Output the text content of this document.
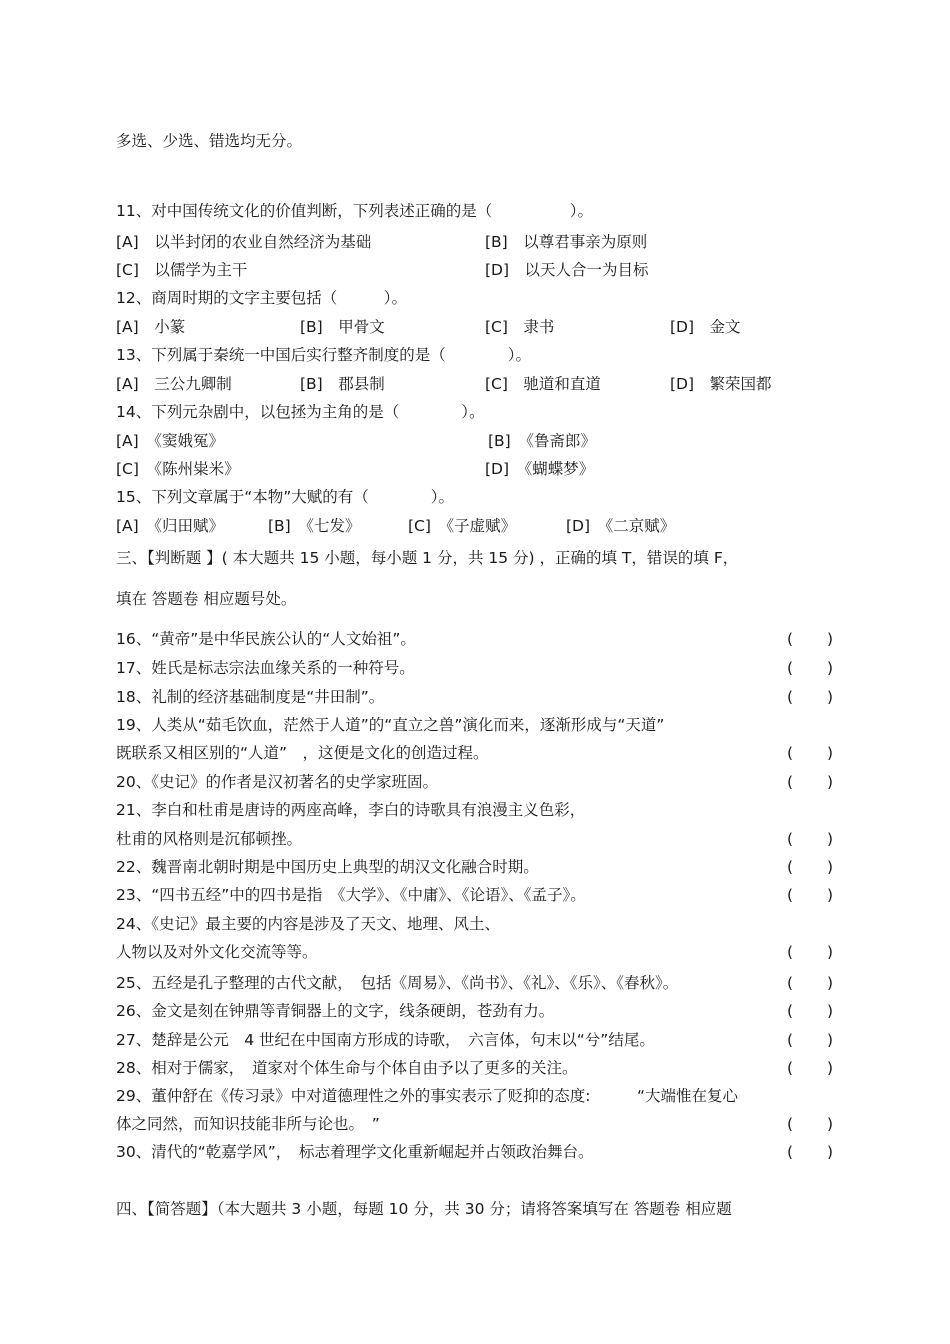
多选、少选、错选均无分。
11、对中国传统文化的价值判断，下列表述正确的是（　　　　　）。
[A]　以半封闭的农业自然经济为基础	[B]　以尊君事亲为原则
[C]　以儒学为主干	[D]　以天人合一为目标
12、商周时期的文字主要包括（　　　）。
[A]　小篆	[B]　甲骨文	[C]　隶书	[D]　金文
13、下列属于秦统一中国后实行整齐制度的是（　　　　）。
[A]　三公九卿制	[B]　郡县制	[C]　驰道和直道	[D]　繁荣国都
14、下列元杂剧中，以包拯为主角的是（　　　　）。
[A]　《窦娥冤》	[B]　《鲁斋郎》
[C]　《陈州粜米》	[D]　《蝴蝶梦》
15、下列文章属于“本物”大赋的有（　　　　）。
[A]　《归田赋》	[B]　《七发》	[C]　《子虚赋》	[D]　《二京赋》
三、【判断题 】( 本大题共 15 小题，每小题 1 分，共 15 分) ，正确的填 T，错误的填 F，
填在 答题卷 相应题号处。
16、“黄帝”是中华民族公认的“人文始祖”。	( )
17、姓氏是标志宗法血缘关系的一种符号。	( )
18、礼制的经济基础制度是“井田制”。	( )
19、人类从“茹毛饮血，茫然于人道”的“直立之兽”演化而来，逐渐形成与“天道”
既联系又相区别的“人道”　，这便是文化的创造过程。	( )
20、《史记》的作者是汉初著名的史学家班固。	( )
21、李白和杜甫是唐诗的两座高峰，李白的诗歌具有浪漫主义色彩，
杜甫的风格则是沉郁顿挫。	( )
22、魏晋南北朝时期是中国历史上典型的胡汉文化融合时期。	( )
23、“四书五经”中的四书是指　《大学》、《中庸》、《论语》、《孟子》。	( )
24、《史记》最主要的内容是涉及了天文、地理、风土、
人物以及对外文化交流等等。	( )
25、五经是孔子整理的古代文献，　包括《周易》、《尚书》、《礼》、《乐》、《春秋》。	( )
26、金文是刻在钟鼎等青铜器上的文字，线条硬朗，苍劲有力。	( )
27、楚辞是公元　4 世纪在中国南方形成的诗歌，　六言体，句末以“兮”结尾。	( )
28、相对于儒家，　道家对个体生命与个体自由予以了更多的关注。	( )
29、董仲舒在《传习录》中对道德理性之外的事实表示了贬抑的态度:　　　“大端惟在复心
体之同然，而知识技能非所与论也。　”	( )
30、清代的“乾嘉学风”，　标志着理学文化重新崛起并占领政治舞台。	( )
四、【简答题】（本大题共 3 小题，每题 10 分，共 30 分；请将答案填写在 答题卷 相应题
